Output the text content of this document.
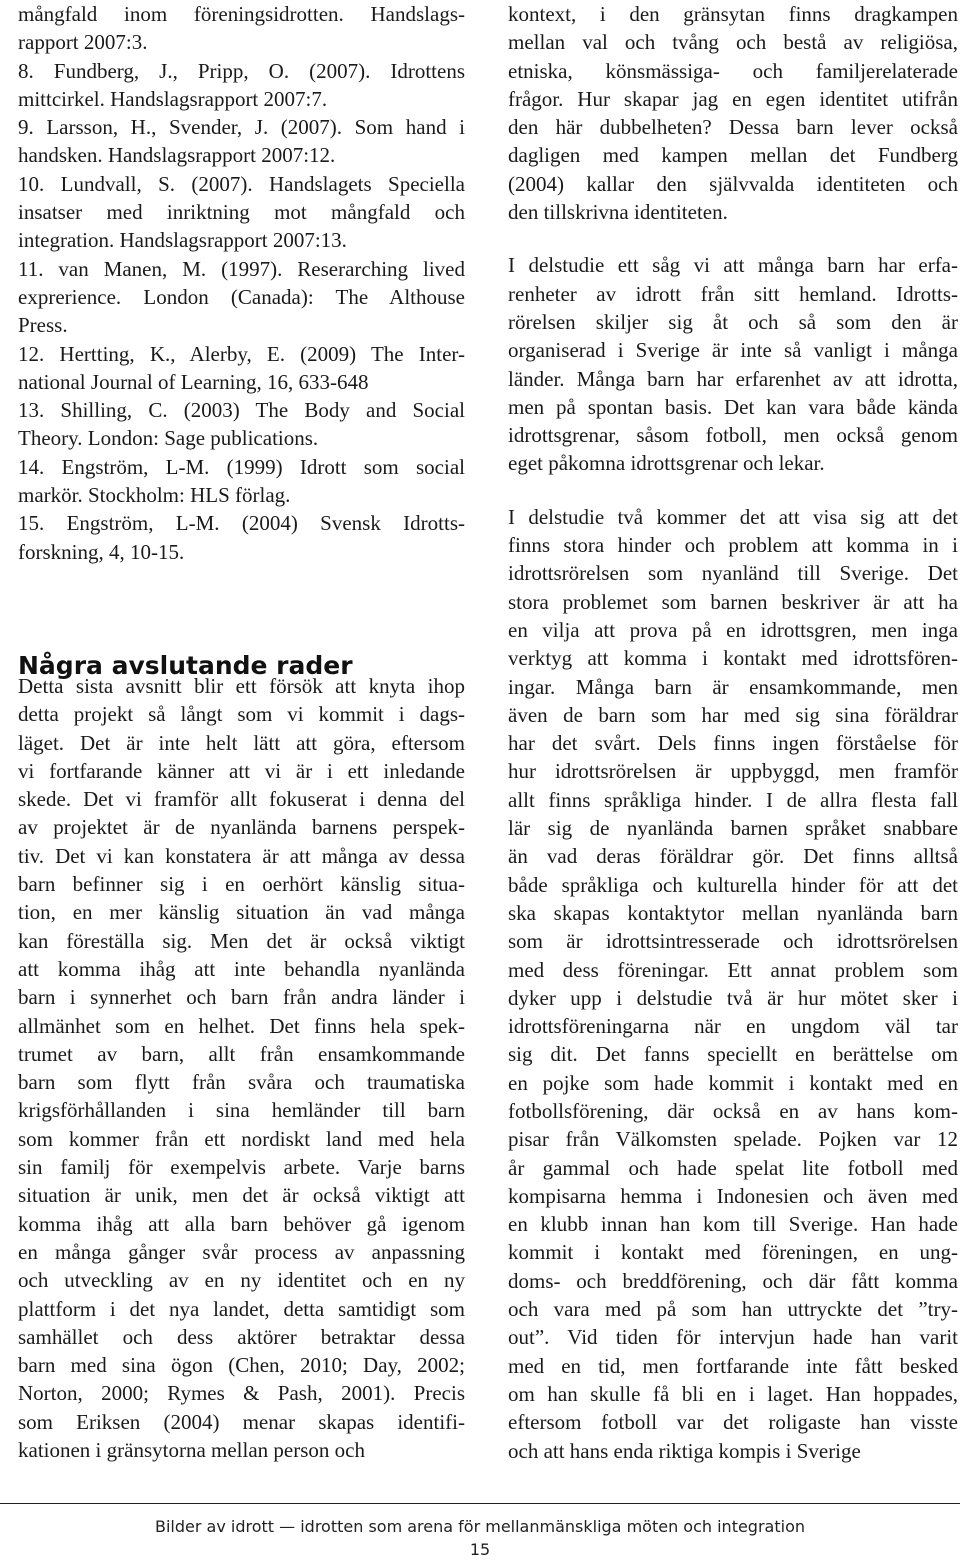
mångfald inom föreningsidrotten. Handslags-
rapport 2007:3.
8. Fundberg, J., Pripp, O. (2007). Idrottens
mittcirkel. Handslagsrapport 2007:7.
9. Larsson, H., Svender, J. (2007). Som hand i
handsken. Handslagsrapport 2007:12.
10. Lundvall, S. (2007). Handslagets Speciella
insatser med inriktning mot mångfald och
integration. Handslagsrapport 2007:13.
11. van Manen, M. (1997). Reserarching lived
exprerience. London (Canada): The Althouse
Press.
12. Hertting, K., Alerby, E. (2009) The Inter-
national Journal of Learning, 16, 633-648
13. Shilling, C. (2003) The Body and Social
Theory. London: Sage publications.
14. Engström, L-M. (1999) Idrott som social
markör. Stockholm: HLS förlag.
15. Engström, L-M. (2004) Svensk Idrotts-
forskning, 4, 10-15.
Några avslutande rader
Detta sista avsnitt blir ett försök att knyta ihop
detta projekt så långt som vi kommit i dags-
läget. Det är inte helt lätt att göra, eftersom
vi fortfarande känner att vi är i ett inledande
skede. Det vi framför allt fokuserat i denna del
av projektet är de nyanlända barnens perspek-
tiv. Det vi kan konstatera är att många av dessa
barn befinner sig i en oerhört känslig situa-
tion, en mer känslig situation än vad många
kan föreställa sig. Men det är också viktigt
att komma ihåg att inte behandla nyanlända
barn i synnerhet och barn från andra länder i
allmänhet som en helhet. Det finns hela spek-
trumet av barn, allt från ensamkommande
barn som flytt från svåra och traumatiska
krigsförhållanden i sina hemländer till barn
som kommer från ett nordiskt land med hela
sin familj för exempelvis arbete. Varje barns
situation är unik, men det är också viktigt att
komma ihåg att alla barn behöver gå igenom
en många gånger svår process av anpassning
och utveckling av en ny identitet och en ny
plattform i det nya landet, detta samtidigt som
samhället och dess aktörer betraktar dessa
barn med sina ögon (Chen, 2010; Day, 2002;
Norton, 2000; Rymes & Pash, 2001). Precis
som Eriksen (2004) menar skapas identifi-
kationen i gränsytorna mellan person och
kontext, i den gränsytan finns dragkampen
mellan val och tvång och bestå av religiösa,
etniska, könsmässiga- och familjerelaterade
frågor. Hur skapar jag en egen identitet utifrån
den här dubbelheten? Dessa barn lever också
dagligen med kampen mellan det Fundberg
(2004) kallar den självvalda identiteten och
den tillskrivna identiteten.
I delstudie ett såg vi att många barn har erfa-
renheter av idrott från sitt hemland. Idrotts-
rörelsen skiljer sig åt och så som den är
organiserad i Sverige är inte så vanligt i många
länder. Många barn har erfarenhet av att idrotta,
men på spontan basis. Det kan vara både kända
idrottsgrenar, såsom fotboll, men också genom
eget påkomna idrottsgrenar och lekar.
I delstudie två kommer det att visa sig att det
finns stora hinder och problem att komma in i
idrottsrörelsen som nyanländ till Sverige. Det
stora problemet som barnen beskriver är att ha
en vilja att prova på en idrottsgren, men inga
verktyg att komma i kontakt med idrottsfören-
ingar. Många barn är ensamkommande, men
även de barn som har med sig sina föräldrar
har det svårt. Dels finns ingen förståelse för
hur idrottsrörelsen är uppbyggd, men framför
allt finns språkliga hinder. I de allra flesta fall
lär sig de nyanlända barnen språket snabbare
än vad deras föräldrar gör. Det finns alltså
både språkliga och kulturella hinder för att det
ska skapas kontaktytor mellan nyanlända barn
som är idrottsintresserade och idrottsrörelsen
med dess föreningar. Ett annat problem som
dyker upp i delstudie två är hur mötet sker i
idrottsföreningarna när en ungdom väl tar
sig dit. Det fanns speciellt en berättelse om
en pojke som hade kommit i kontakt med en
fotbollsförening, där också en av hans kom-
pisar från Välkomsten spelade. Pojken var 12
år gammal och hade spelat lite fotboll med
kompisarna hemma i Indonesien och även med
en klubb innan han kom till Sverige. Han hade
kommit i kontakt med föreningen, en ung-
doms- och breddförening, och där fått komma
och vara med på som han uttryckte det ”try-
out”. Vid tiden för intervjun hade han varit
med en tid, men fortfarande inte fått besked
om han skulle få bli en i laget. Han hoppades,
eftersom fotboll var det roligaste han visste
och att hans enda riktiga kompis i Sverige
Bilder av idrott — idrotten som arena för mellanmänskliga möten och integration
15
